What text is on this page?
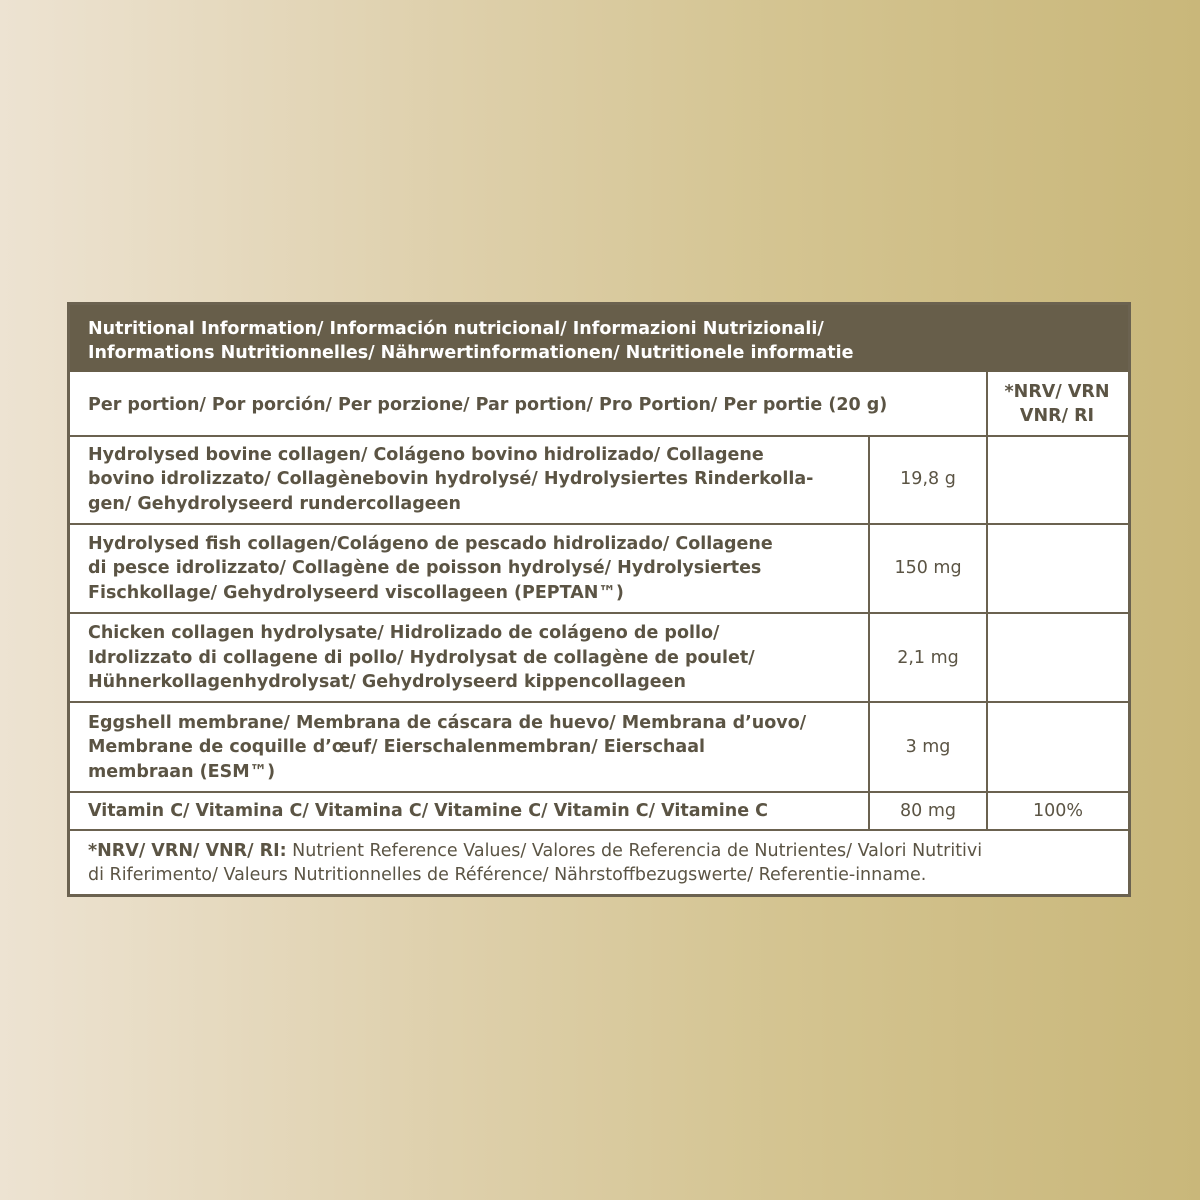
Nutritional Information/ Información nutricional/ Informazioni Nutrizionali/
Informations Nutritionnelles/ Nährwertinformationen/ Nutritionele informatie
Per portion/ Por porción/ Per porzione/ Par portion/ Pro Portion/ Per portie (20 g)
*NRV/ VRN
VNR/ RI
Hydrolysed bovine collagen/ Colágeno bovino hidrolizado/ Collagene
bovino idrolizzato/ Collagènebovin hydrolysé/ Hydrolysiertes Rinderkolla-
gen/ Gehydrolyseerd rundercollageen
19,8 g
Hydrolysed fish collagen/Colágeno de pescado hidrolizado/ Collagene
di pesce idrolizzato/ Collagène de poisson hydrolysé/ Hydrolysiertes
Fischkollage/ Gehydrolyseerd viscollageen (PEPTAN™)
150 mg
Chicken collagen hydrolysate/ Hidrolizado de colágeno de pollo/
Idrolizzato di collagene di pollo/ Hydrolysat de collagène de poulet/
Hühnerkollagenhydrolysat/ Gehydrolyseerd kippencollageen
2,1 mg
Eggshell membrane/ Membrana de cáscara de huevo/ Membrana d’uovo/
Membrane de coquille d’œuf/ Eierschalenmembran/ Eierschaal
membraan (ESM™)
3 mg
Vitamin C/ Vitamina C/ Vitamina C/ Vitamine C/ Vitamin C/ Vitamine C	80 mg	100%
*NRV/ VRN/ VNR/ RI: Nutrient Reference Values/ Valores de Referencia de Nutrientes/ Valori Nutritivi
di Riferimento/ Valeurs Nutritionnelles de Référence/ Nährstoffbezugswerte/ Referentie-inname.
